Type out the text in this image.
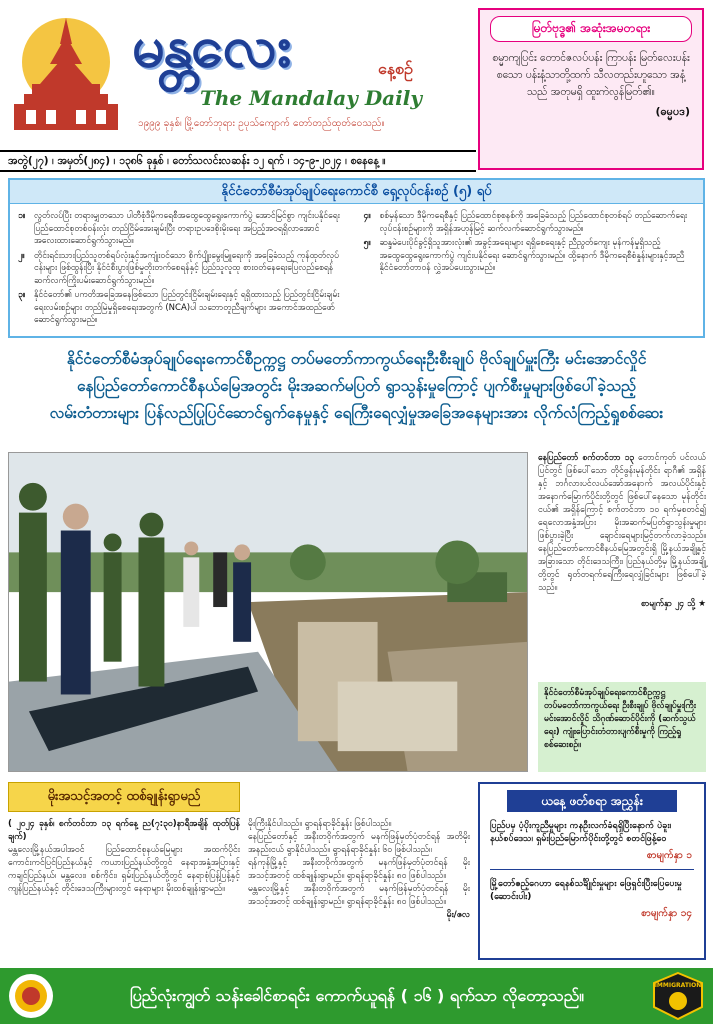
မန္တလေး	နေ့စဉ်
The Mandalay Daily
၁၉၉၉ ခုနှစ်၊ မြို့တော်ဘုရား ဥပုသ်ကျောက် တော်တည်ထုတ်ဝေသည်။
မြတ်ဗုဒ္ဓ၏ အဆုံးအမတရား
စမ္မာကျပြင်း တောင်ဇလပ်ပန်း ကြာပန်း မြတ်လေးပန်း စသော ပန်းနံ့သာတို့ထက် သီလတည်းဟူသော အနံ့သည် အတုမရှိ ထူးကဲလွန်မြတ်၏။
(ဓမ္မပဒ)
အတွဲ(၂၇) ၊ အမှတ်(၂၈၄) ၊ ၁၃၈၆ ခုနှစ် ၊ တော်သလင်းလဆန်း ၁၂ ရက် ၊ ၁၄-၉-၂၀၂၄ ၊ စနေနေ့ ။
နိုင်ငံတော်စီမံအုပ်ချုပ်ရေးကောင်စီ ရှေ့လုပ်ငန်းစဉ် (၅) ရပ်
၁။	လွတ်လပ်ပြီး တရားမျှတသော ပါတီစုံဒီမိုကရေစီအထွေထွေရွေးကောက်ပွဲ အောင်မြင်စွာ ကျင်းပနိုင်ရေး ပြည်ထောင်စုတစ်ဝန်းလုံး တည်ငြိမ်အေးချမ်းပြီး တရားဥပဒေစိုးမိုးရေး အပြည့်အဝရရှိလာအောင် အလေးထားဆောင်ရွက်သွားမည်။
၂။	တိုင်းရင်းသားပြည်သူတစ်ရပ်လုံးနှင့်အကျုံးဝင်သော စိုက်ပျိုးမွေးမြူရေးကို အခြေခံသည့် ကုန်ထုတ်လုပ်ငန်းများ ဖြစ်ထွန်းပြီး နိုင်ငံစီးပွားဖြစ်မှုတိုးတက်စေရန်နှင့် ပြည်သူလူထု စားဝတ်နေရေးပြေလည်စေရန် ဆက်လက်ကြိုးပမ်းဆောင်ရွက်သွားမည်။
၃။	နိုင်ငံတော်၏ ပကတိအခြေအနေဖြစ်သော ပြည်တွင်းငြိမ်းချမ်းရေးနှင့် ရရှိထားသည့် ပြည်တွင်းငြိမ်းချမ်းရေးလမ်းစဉ်များ တည်မြဲမှုရှိစေရေးအတွက် (NCA)ပါ သဘောတူညီချက်များ အကောင်အထည်ဖော်ဆောင်ရွက်သွားမည်။
၄။	စစ်မှန်သော ဒီမိုကရေစီနှင့် ပြည်ထောင်စုစနစ်ကို အခြေခံသည့် ပြည်ထောင်စုတစ်ရပ် တည်ဆောက်ရေးလုပ်ငန်းစဉ်များကို အရှိန်အဟုန်မြင့် ဆက်လက်ဆောင်ရွက်သွားမည်။
၅။	ဆန္ဒမဲပေးပိုင်ခွင့်ရှိသူအားလုံး၏ အခွင့်အရေးများ ရရှိစေရေးနှင့် ညီညွတ်ကျေး မုန်ကန်မှုရှိသည့် အထွေထွေရွေးကောက်ပွဲ ကျင်းပနိုင်ရေး ဆောင်ရွက်သွားမည်။ ထို့နောက် ဒီမိုကရေစီစံနှုန်းများနှင့်အညီ နိုင်ငံတော်တာဝန် လွှဲအပ်ပေးသွားမည်။
နိုင်ငံတော်စီမံအုပ်ချုပ်ရေးကောင်စီဥက္ကဋ္ဌ တပ်မတော်ကာကွယ်ရေးဦးစီးချုပ် ဗိုလ်ချုပ်မှူးကြီး မင်းအောင်လှိုင်
နေပြည်တော်ကောင်စီနယ်မြေအတွင်း မိုးအဆက်မပြတ် ရွာသွန်းမှုကြောင့် ပျက်စီးမှုများဖြစ်ပေါ်ခဲ့သည့်
လမ်းတံတားများ ပြန်လည်ပြုပြင်ဆောင်ရွက်နေမှုနှင့် ရေကြီးရေလျှံမှုအခြေအနေများအား လိုက်လံကြည့်ရှုစစ်ဆေး
နေပြည်တော် စက်တင်ဘာ ၁၃ တောင်ကုတ် ပင်လယ်ပြင်တွင် ဖြစ်ပေါ်သော တိုင်ဖွန်းမုန်တိုင်း ရာဂီ၏ အရှိန်နှင့် ဘင်္ဂလားပင်လယ်အော်အနောက် အလယ်ပိုင်းနှင့် အနောက်မြောက်ပိုင်းတို့တွင် ဖြစ်ပေါ်နေသော မုန်တိုင်းငယ်၏ အရှိန်ကြောင့် စက်တင်ဘာ ၁၀ ရက်မှစတင်၍ ရေလောအနှံ့အပြား မိုးအဆက်မပြတ်ရွာသွန်းမှုများဖြစ်ပွားခဲ့ပြီး ချောင်းရေများမြင့်တက်လာခဲ့သည်။ နေပြည်တော်ကောင်စီနယ်မြေအတွင်းရှိ မြို့နယ်အချို့နှင့် အခြားသော တိုင်းဒေသကြီး၊ ပြည်နယ်တို့မှ မြို့နယ်အချို့တို့တွင် ရုတ်တရက်ရေကြီးရေလျှံခြင်းများ ဖြစ်ပေါ်ခဲ့သည်။
စာမျက်နှာ ၂၄ သို့ ★
နိုင်ငံတော်စီမံအုပ်ချုပ်ရေးကောင်စီဥက္ကဋ္ဌ တပ်မတော်ကာကွယ်ရေး ဦးစီးချုပ် ဗိုလ်ချုပ်မှူးကြီး မင်းအောင်လှိုင် သိဂုဏ်ဆောင်ပိုင်းကို (ဆက်သွယ်ရေး) ကျုံးပြောင်းတံတားပျက်စီးမှုကို ကြည့်ရှုစစ်ဆေးစဉ်။
မိုးအသင့်အတင့် ထစ်ချုန်းရွာမည်

( ၂၀၂၄ ခုနှစ်၊ စက်တင်ဘာ ၁၃ ရက်နေ့ ည(၇:၃၀)နာရီအချိန် ထုတ်ပြန်ချက်)

မန္တလေးမြို့နယ်အပါအဝင် ပြည်ထောင်စုနယ်မြေများ အထက်ပိုင်း ကောင်းကင်ပြင်ပြည်နယ်နှင့် ကယားပြည်နယ်တို့တွင် နေရာအနှံ့အပြားနှင့် ကချင်ပြည်နယ်၊ မန္တလေး၊ စစ်ကိုင်း၊ ရှမ်းပြည်နယ်တို့တွင် နေရာစုံပြန့်ပြန့်နှင့် ကျန်ပြည်နယ်နှင့် တိုင်းဒေသကြီးများတွင် နေရာများ မိုးထစ်ချုန်းရွာမည်။

မိုးကြီးနိုင်ပါသည်။ ရွာရန်ရာခိုင်နှုန်း ဖြစ်ပါသည်။

နေပြည်တော်နှင့် အနီးတဝိုက်အတွက် မနက်ဖြန်မှတ်ပုံတင်ရန် အတိမိုးအနည်းငယ် ရွာနိုင်ပါသည်။ ရွာရန်ရာခိုင်နှုန်း ၆၀ ဖြစ်ပါသည်။

ရန်ကုန်မြို့နှင့် အနီးတဝိုက်အတွက် မနက်ဖြန်မှတ်ပုံတင်ရန် မိုးအသင့်အတင့် ထစ်ချုန်းရွာမည်။ ရွာရန်ရာခိုင်နှုန်း ၈၀ ဖြစ်ပါသည်။

မန္တလေးမြို့နှင့် အနီးတဝိုက်အတွက် မနက်ဖြန်မှတ်ပုံတင်ရန် မိုးအသင့်အတင့် ထစ်ချုန်းရွာမည်။ ရွာရန်ရာခိုင်နှုန်း ၈၀ ဖြစ်ပါသည်။

မိုး/ဇလ

ယနေ့ ဖတ်စရာ အညွှန်း
ပြည်ပမှ ပံ့ပိုးကူညီမှုများ ကနဦးလက်ခံရရှိပြီးနောက် ပဲခူး၊ နယ်စပ်ဒေသ၊ ရှမ်းပြည်မြောက်ပိုင်းတို့တွင် စတင်ဖြန့်ဝေ
စာမျက်နှာ ၁
မြို့တော်ဧည့်ဂေဟာ ရေနစ်သင်္ချိုင်းမှုများ ဖြေရှင်းပြီးပြေပေးမှု (ဆောင်းပါး)
စာမျက်နှာ ၁၄
ပြည်လုံးကျွတ် သန်းခေါင်စာရင်း ကောက်ယူရန် ( ၁၆ ) ရက်သာ လိုတော့သည်။
IMMIGRATION
